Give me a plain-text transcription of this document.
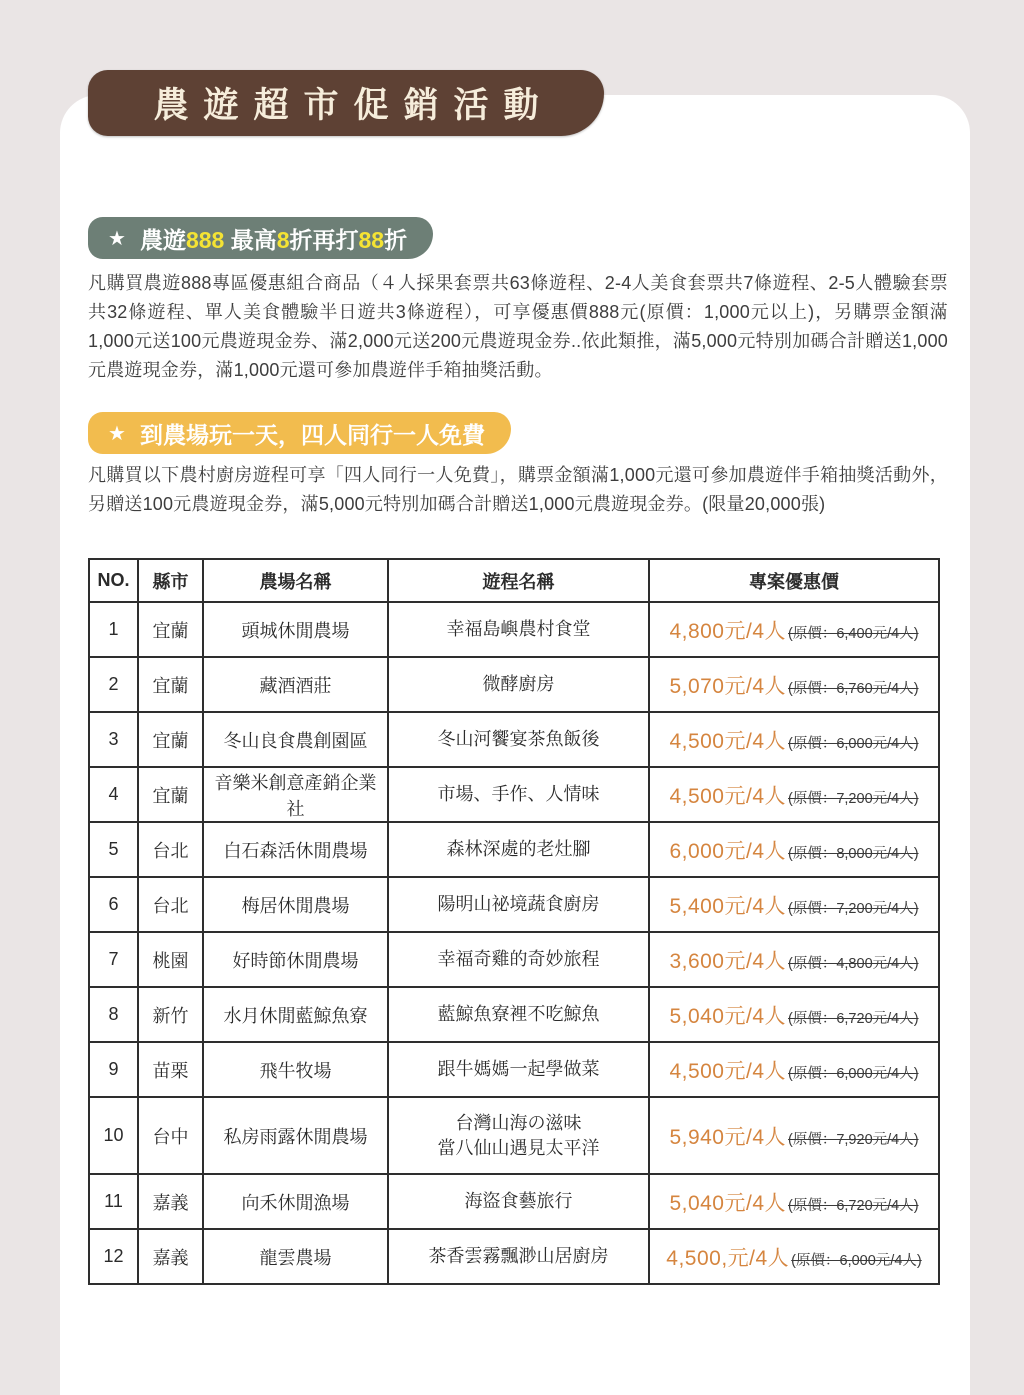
農遊超市促銷活動
★ 農遊888 最高8折再打88折
凡購買農遊888專區優惠組合商品（４人採果套票共63條遊程、2-4人美食套票共7條遊程、2-5人體驗套票共32條遊程、單人美食體驗半日遊共3條遊程），可享優惠價888元(原價：1,000元以上)，另購票金額滿1,000元送100元農遊現金券、滿2,000元送200元農遊現金券..依此類推，滿5,000元特別加碼合計贈送1,000元農遊現金券，滿1,000元還可參加農遊伴手箱抽獎活動。
★ 到農場玩一天，四人同行一人免費
凡購買以下農村廚房遊程可享「四人同行一人免費」，購票金額滿1,000元還可參加農遊伴手箱抽獎活動外，另贈送100元農遊現金券，滿5,000元特別加碼合計贈送1,000元農遊現金券。(限量20,000張)
NO.	縣市	農場名稱	遊程名稱	專案優惠價
1	宜蘭	頭城休閒農場	幸福島嶼農村食堂	4,800元/4人 (原價：6,400元/4人)
2	宜蘭	藏酒酒莊	微酵廚房	5,070元/4人 (原價：6,760元/4人)
3	宜蘭	冬山良食農創園區	冬山河饗宴茶魚飯後	4,500元/4人 (原價：6,000元/4人)
4	宜蘭	音樂米創意產銷企業社	市場、手作、人情味	4,500元/4人 (原價：7,200元/4人)
5	台北	白石森活休閒農場	森林深處的老灶腳	6,000元/4人 (原價：8,000元/4人)
6	台北	梅居休閒農場	陽明山祕境蔬食廚房	5,400元/4人 (原價：7,200元/4人)
7	桃園	好時節休閒農場	幸福奇雞的奇妙旅程	3,600元/4人 (原價：4,800元/4人)
8	新竹	水月休閒藍鯨魚寮	藍鯨魚寮裡不吃鯨魚	5,040元/4人 (原價：6,720元/4人)
9	苗栗	飛牛牧場	跟牛媽媽一起學做菜	4,500元/4人 (原價：6,000元/4人)
10	台中	私房雨露休閒農場	台灣山海の滋味
當八仙山遇見太平洋	5,940元/4人 (原價：7,920元/4人)
11	嘉義	向禾休閒漁場	海盜食藝旅行	5,040元/4人 (原價：6,720元/4人)
12	嘉義	龍雲農場	茶香雲霧飄渺山居廚房	4,500,元/4人 (原價：6,000元/4人)
